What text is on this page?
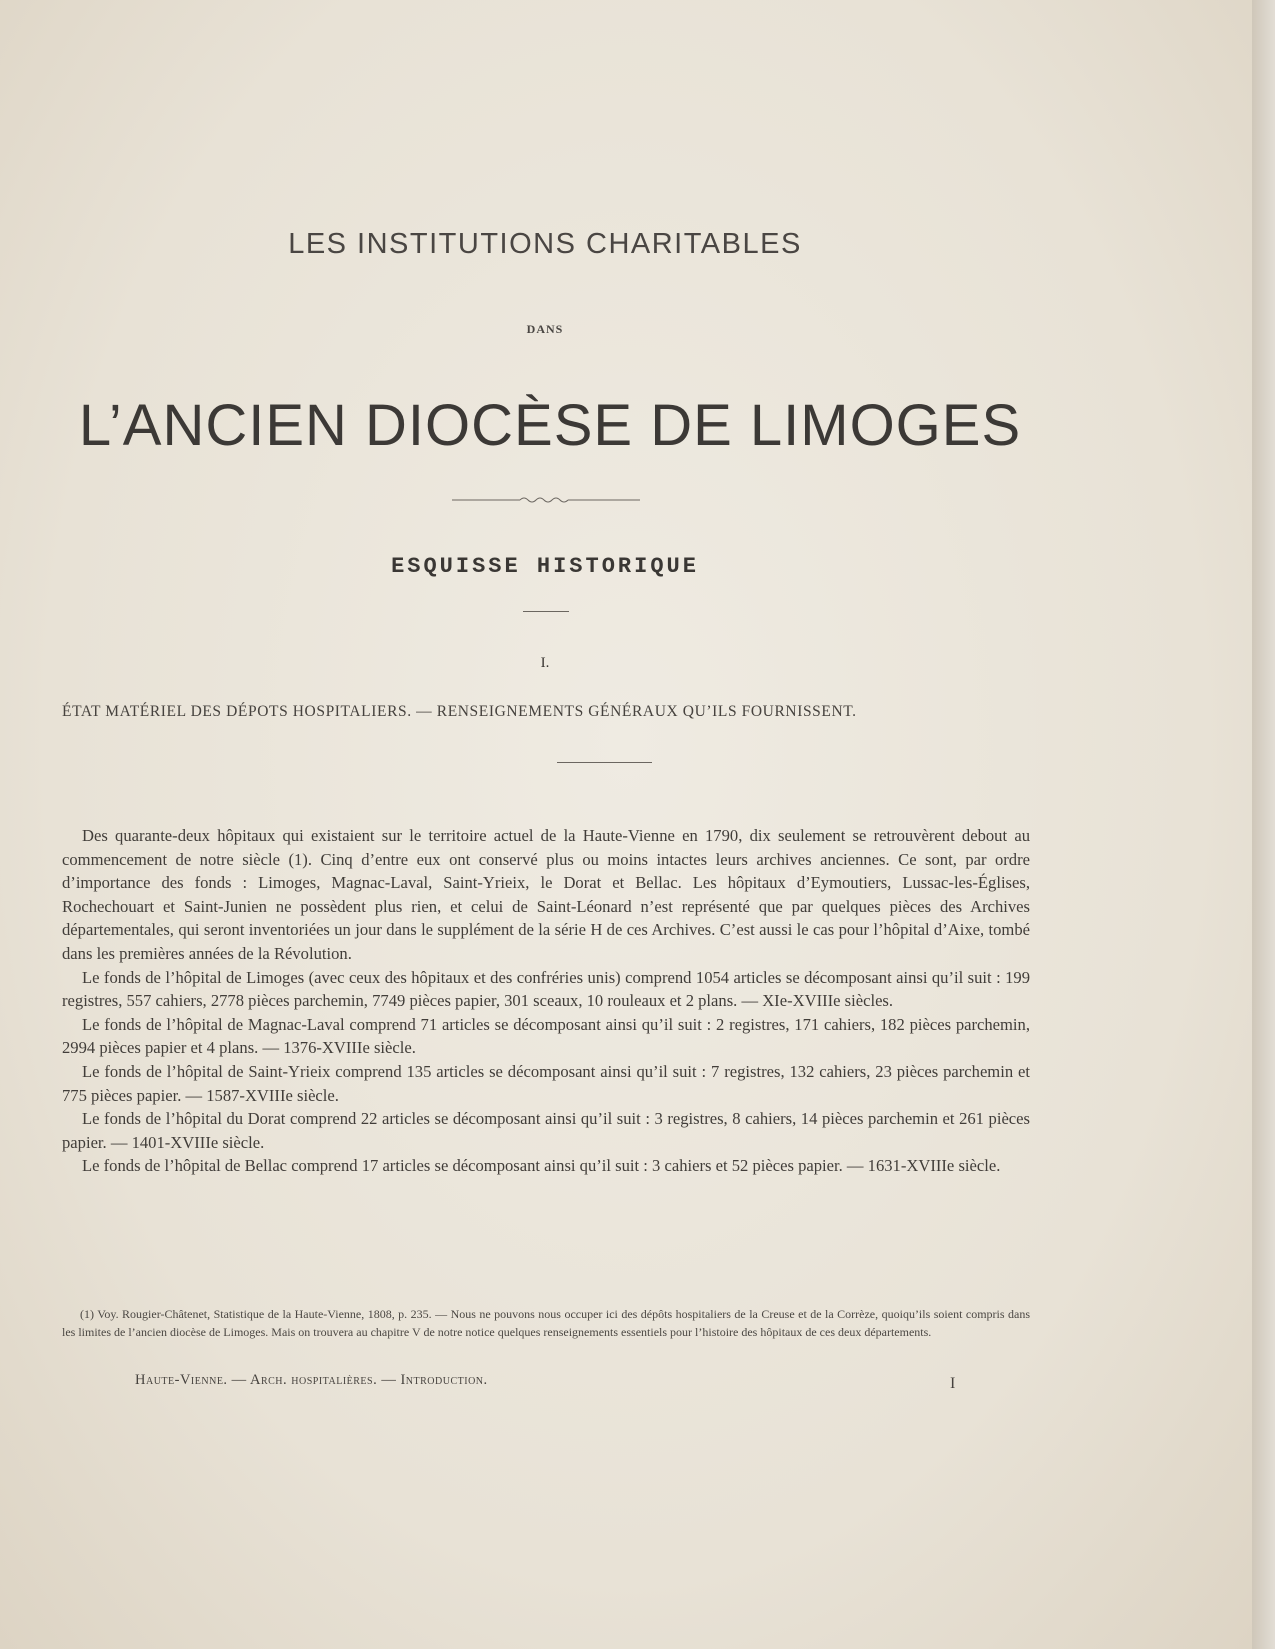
LES INSTITUTIONS CHARITABLES
DANS
L’ANCIEN DIOCÈSE DE LIMOGES
ESQUISSE HISTORIQUE
I.
ÉTAT MATÉRIEL DES DÉPOTS HOSPITALIERS. — RENSEIGNEMENTS GÉNÉRAUX QU’ILS FOURNISSENT.

Des quarante-deux hôpitaux qui existaient sur le territoire actuel de la Haute-Vienne en 1790, dix seulement se retrouvèrent debout au commencement de notre siècle (1). Cinq d’entre eux ont conservé plus ou moins intactes leurs archives anciennes. Ce sont, par ordre d’importance des fonds : Limoges, Magnac-Laval, Saint-Yrieix, le Dorat et Bellac. Les hôpitaux d’Eymoutiers, Lussac-les-Églises, Rochechouart et Saint-Junien ne possèdent plus rien, et celui de Saint-Léonard n’est représenté que par quelques pièces des Archives départementales, qui seront inventoriées un jour dans le supplément de la série H de ces Archives. C’est aussi le cas pour l’hôpital d’Aixe, tombé dans les premières années de la Révolution.

Le fonds de l’hôpital de Limoges (avec ceux des hôpitaux et des confréries unis) comprend 1054 articles se décomposant ainsi qu’il suit : 199 registres, 557 cahiers, 2778 pièces parchemin, 7749 pièces papier, 301 sceaux, 10 rouleaux et 2 plans. — XIe-XVIIIe siècles.

Le fonds de l’hôpital de Magnac-Laval comprend 71 articles se décomposant ainsi qu’il suit : 2 registres, 171 cahiers, 182 pièces parchemin, 2994 pièces papier et 4 plans. — 1376-XVIIIe siècle.

Le fonds de l’hôpital de Saint-Yrieix comprend 135 articles se décomposant ainsi qu’il suit : 7 registres, 132 cahiers, 23 pièces parchemin et 775 pièces papier. — 1587-XVIIIe siècle.

Le fonds de l’hôpital du Dorat comprend 22 articles se décomposant ainsi qu’il suit : 3 registres, 8 cahiers, 14 pièces parchemin et 261 pièces papier. — 1401-XVIIIe siècle.

Le fonds de l’hôpital de Bellac comprend 17 articles se décomposant ainsi qu’il suit : 3 cahiers et 52 pièces papier. — 1631-XVIIIe siècle.

(1) Voy. Rougier-Châtenet, Statistique de la Haute-Vienne, 1808, p. 235. — Nous ne pouvons nous occuper ici des dépôts hospitaliers de la Creuse et de la Corrèze, quoiqu’ils soient compris dans les limites de l’ancien diocèse de Limoges. Mais on trouvera au chapitre V de notre notice quelques renseignements essentiels pour l’histoire des hôpitaux de ces deux départements.

Haute-Vienne. — Arch. hospitalières. — Introduction.	I
